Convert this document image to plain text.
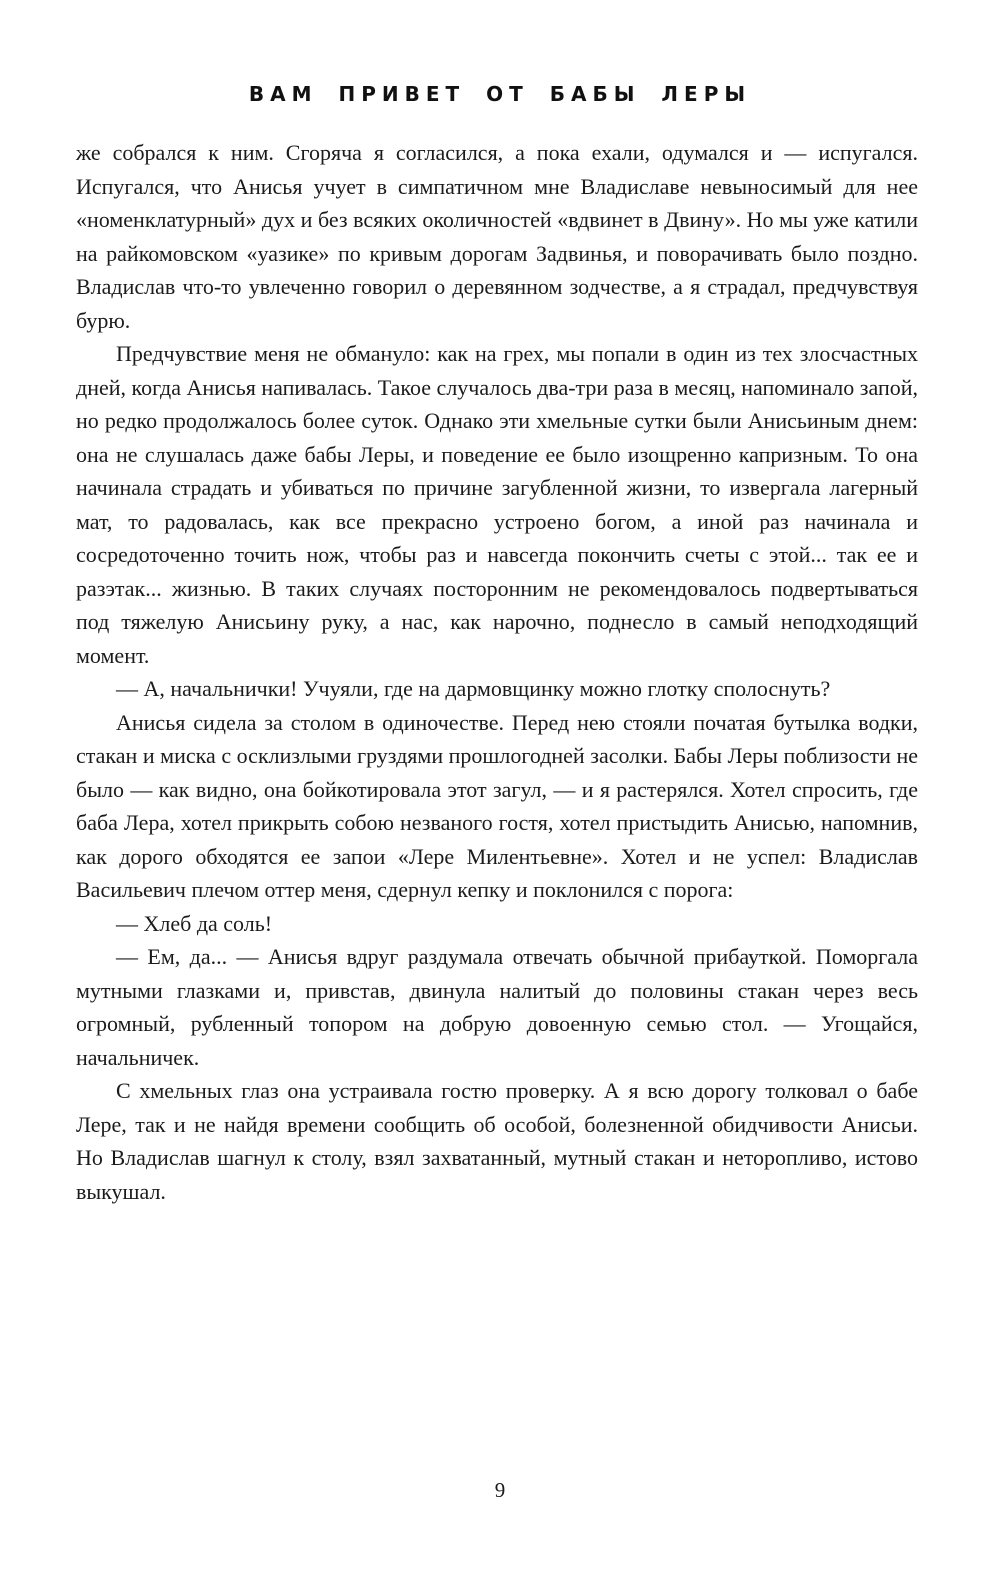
ВАМ ПРИВЕТ ОТ БАБЫ ЛЕРЫ

же собрался к ним. Сгоряча я согласился, а пока ехали, одумался и — испугался. Испугался, что Анисья учует в симпатичном мне Владиславе невыносимый для нее «номенклатурный» дух и без всяких околичностей «вдвинет в Двину». Но мы уже катили на райкомовском «уазике» по кривым дорогам Задвинья, и поворачивать было поздно. Владислав что-то увлеченно говорил о деревянном зодчестве, а я страдал, предчувствуя бурю.

Предчувствие меня не обмануло: как на грех, мы попали в один из тех злосчастных дней, когда Анисья напивалась. Такое случалось два-три раза в месяц, напоминало запой, но редко продолжалось более суток. Однако эти хмельные сутки были Анисьиным днем: она не слушалась даже бабы Леры, и поведение ее было изощренно капризным. То она начинала страдать и убиваться по причине загубленной жизни, то извергала лагерный мат, то радовалась, как все прекрасно устроено богом, а иной раз начинала и сосредоточенно точить нож, чтобы раз и навсегда покончить счеты с этой... так ее и разэтак... жизнью. В таких случаях посторонним не рекомендовалось подвертываться под тяжелую Анисьину руку, а нас, как нарочно, поднесло в самый неподходящий момент.

— А, начальнички! Учуяли, где на дармовщинку можно глотку сполоснуть?

Анисья сидела за столом в одиночестве. Перед нею стояли початая бутылка водки, стакан и миска с осклизлыми груздями прошлогодней засолки. Бабы Леры поблизости не было — как видно, она бойкотировала этот загул, — и я растерялся. Хотел спросить, где баба Лера, хотел прикрыть собою незваного гостя, хотел пристыдить Анисью, напомнив, как дорого обходятся ее запои «Лере Милентьевне». Хотел и не успел: Владислав Васильевич плечом оттер меня, сдернул кепку и поклонился с порога:

— Хлеб да соль!

— Ем, да... — Анисья вдруг раздумала отвечать обычной прибауткой. Поморгала мутными глазками и, привстав, двинула налитый до половины стакан через весь огромный, рубленный топором на добрую довоенную семью стол. — Угощайся, начальничек.

С хмельных глаз она устраивала гостю проверку. А я всю дорогу толковал о бабе Лере, так и не найдя времени сообщить об особой, болезненной обидчивости Анисьи. Но Владислав шагнул к столу, взял захватанный, мутный стакан и неторопливо, истово выкушал.

9
